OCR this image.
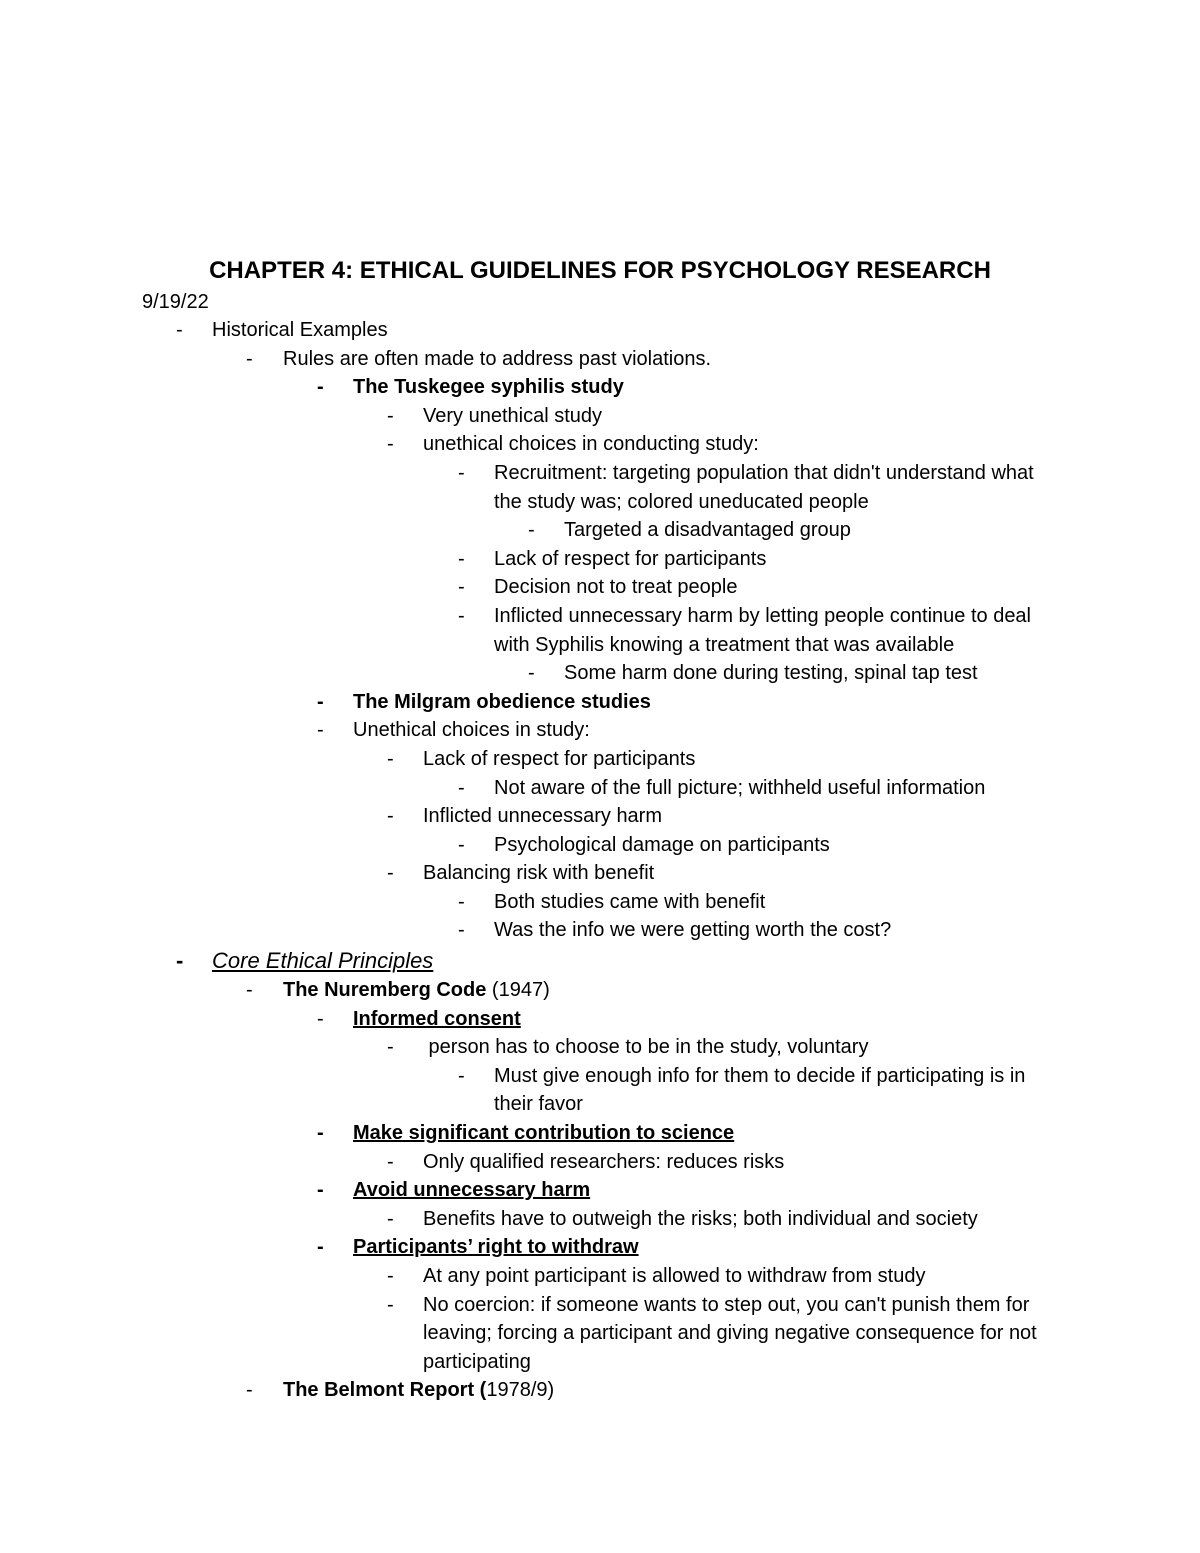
CHAPTER 4: ETHICAL GUIDELINES FOR PSYCHOLOGY RESEARCH
9/19/22
- Historical Examples
- Rules are often made to address past violations.
- The Tuskegee syphilis study
- Very unethical study
- unethical choices in conducting study:
- Recruitment: targeting population that didn't understand what the study was; colored uneducated people
- Targeted a disadvantaged group
- Lack of respect for participants
- Decision not to treat people
- Inflicted unnecessary harm by letting people continue to deal with Syphilis knowing a treatment that was available
- Some harm done during testing, spinal tap test
- The Milgram obedience studies
- Unethical choices in study:
- Lack of respect for participants
- Not aware of the full picture; withheld useful information
- Inflicted unnecessary harm
- Psychological damage on participants
- Balancing risk with benefit
- Both studies came with benefit
- Was the info we were getting worth the cost?
- Core Ethical Principles
- The Nuremberg Code (1947)
- Informed consent
- person has to choose to be in the study, voluntary
- Must give enough info for them to decide if participating is in their favor
- Make significant contribution to science
- Only qualified researchers: reduces risks
- Avoid unnecessary harm
- Benefits have to outweigh the risks; both individual and society
- Participants’ right to withdraw
- At any point participant is allowed to withdraw from study
- No coercion: if someone wants to step out, you can't punish them for leaving; forcing a participant and giving negative consequence for not participating
- The Belmont Report (1978/9)
